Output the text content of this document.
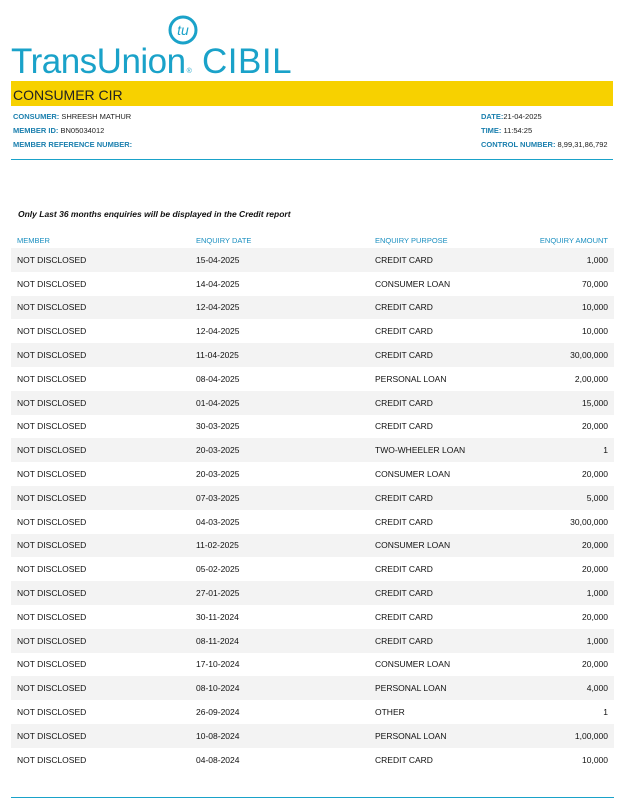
tu
TransUnion® CIBIL
CONSUMER CIR
CONSUMER: SHREESH MATHUR
MEMBER ID: BN05034012
MEMBER REFERENCE NUMBER:
DATE:21-04-2025
TIME: 11:54:25
CONTROL NUMBER: 8,99,31,86,792
Only Last 36 months enquiries will be displayed in the Credit report
MEMBER	ENQUIRY DATE	ENQUIRY PURPOSE	ENQUIRY AMOUNT
NOT DISCLOSED	15-04-2025	CREDIT CARD	1,000
NOT DISCLOSED	14-04-2025	CONSUMER LOAN	70,000
NOT DISCLOSED	12-04-2025	CREDIT CARD	10,000
NOT DISCLOSED	12-04-2025	CREDIT CARD	10,000
NOT DISCLOSED	11-04-2025	CREDIT CARD	30,00,000
NOT DISCLOSED	08-04-2025	PERSONAL LOAN	2,00,000
NOT DISCLOSED	01-04-2025	CREDIT CARD	15,000
NOT DISCLOSED	30-03-2025	CREDIT CARD	20,000
NOT DISCLOSED	20-03-2025	TWO-WHEELER LOAN	1
NOT DISCLOSED	20-03-2025	CONSUMER LOAN	20,000
NOT DISCLOSED	07-03-2025	CREDIT CARD	5,000
NOT DISCLOSED	04-03-2025	CREDIT CARD	30,00,000
NOT DISCLOSED	11-02-2025	CONSUMER LOAN	20,000
NOT DISCLOSED	05-02-2025	CREDIT CARD	20,000
NOT DISCLOSED	27-01-2025	CREDIT CARD	1,000
NOT DISCLOSED	30-11-2024	CREDIT CARD	20,000
NOT DISCLOSED	08-11-2024	CREDIT CARD	1,000
NOT DISCLOSED	17-10-2024	CONSUMER LOAN	20,000
NOT DISCLOSED	08-10-2024	PERSONAL LOAN	4,000
NOT DISCLOSED	26-09-2024	OTHER	1
NOT DISCLOSED	10-08-2024	PERSONAL LOAN	1,00,000
NOT DISCLOSED	04-08-2024	CREDIT CARD	10,000
